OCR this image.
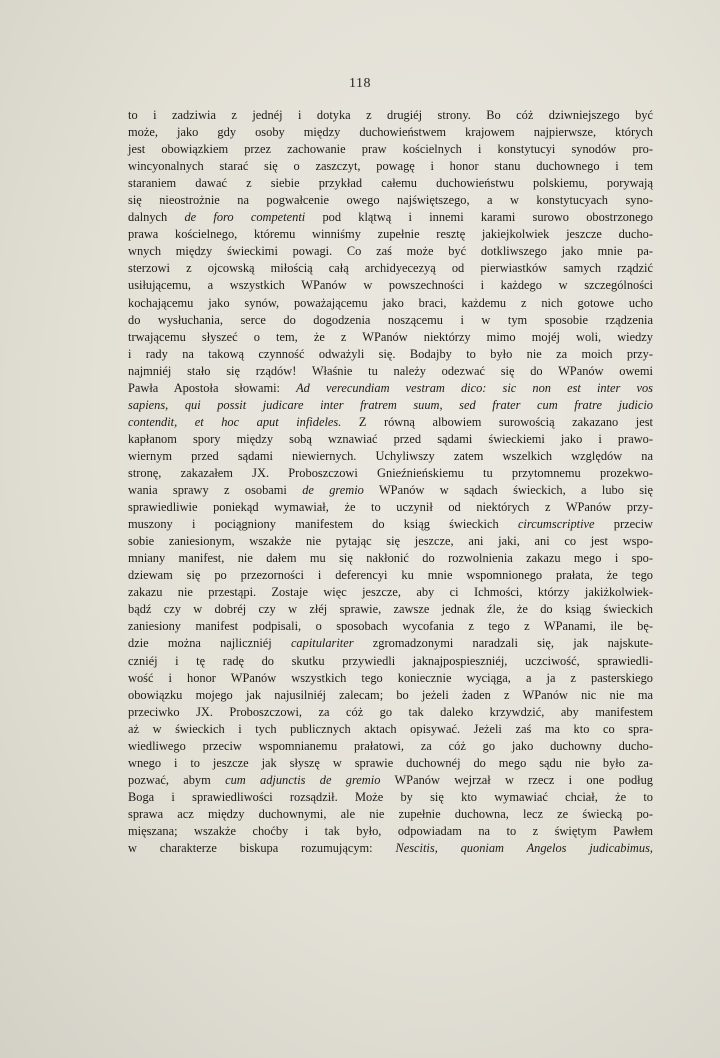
118
to i zadziwia z jednéj i dotyka z drugiéj strony. Bo cóż dziwniejszego być
może, jako gdy osoby między duchowieństwem krajowem najpierwsze, których
jest obowiązkiem przez zachowanie praw kościelnych i konstytucyi synodów pro-
wincyonalnych starać się o zaszczyt, powagę i honor stanu duchownego i tem
staraniem dawać z siebie przykład całemu duchowieństwu polskiemu, porywają
się nieostrożnie na pogwałcenie owego najświętszego, a w konstytucyach syno-
dalnych de foro competenti pod klątwą i innemi karami surowo obostrzonego
prawa kościelnego, któremu winniśmy zupełnie resztę jakiejkolwiek jeszcze ducho-
wnych między świeckimi powagi. Co zaś może być dotkliwszego jako mnie pa-
sterzowi z ojcowską miłością całą archidyecezyą od pierwiastków samych rządzić
usiłującemu, a wszystkich WPanów w powszechności i każdego w szczególności
kochającemu jako synów, poważającemu jako braci, każdemu z nich gotowe ucho
do wysłuchania, serce do dogodzenia noszącemu i w tym sposobie rządzenia
trwającemu słyszeć o tem, że z WPanów niektórzy mimo mojéj woli, wiedzy
i rady na takową czynność odważyli się. Bodajby to było nie za moich przy-
najmniéj stało się rządów! Właśnie tu należy odezwać się do WPanów owemi
Pawła Apostoła słowami: Ad verecundiam vestram dico: sic non est inter vos
sapiens, qui possit judicare inter fratrem suum, sed frater cum fratre judicio
contendit, et hoc aput infideles. Z równą albowiem surowością zakazano jest
kapłanom spory między sobą wznawiać przed sądami świeckiemi jako i prawo-
wiernym przed sądami niewiernych. Uchyliwszy zatem wszelkich względów na
stronę, zakazałem JX. Proboszczowi Gnieźnieńskiemu tu przytomnemu prozekwo-
wania sprawy z osobami de gremio WPanów w sądach świeckich, a lubo się
sprawiedliwie poniekąd wymawiał, że to uczynił od niektórych z WPanów przy-
muszony i pociągniony manifestem do ksiąg świeckich circumscriptive przeciw
sobie zaniesionym, wszakże nie pytając się jeszcze, ani jaki, ani co jest wspo-
mniany manifest, nie dałem mu się nakłonić do rozwolnienia zakazu mego i spo-
dziewam się po przezorności i deferencyi ku mnie wspomnionego prałata, że tego
zakazu nie przestąpi. Zostaje więc jeszcze, aby ci Ichmości, którzy jakiżkolwiek-
bądź czy w dobréj czy w złéj sprawie, zawsze jednak źle, że do ksiąg świeckich
zaniesiony manifest podpisali, o sposobach wycofania z tego z WPanami, ile bę-
dzie można najliczniéj capitulariter zgromadzonymi naradzali się, jak najskute-
czniéj i tę radę do skutku przywiedli jaknajpospieszniéj, uczciwość, sprawiedli-
wość i honor WPanów wszystkich tego koniecznie wyciąga, a ja z pasterskiego
obowiązku mojego jak najusilniéj zalecam; bo jeżeli żaden z WPanów nic nie ma
przeciwko JX. Proboszczowi, za cóż go tak daleko krzywdzić, aby manifestem
aż w świeckich i tych publicznych aktach opisywać. Jeżeli zaś ma kto co spra-
wiedliwego przeciw wspomnianemu prałatowi, za cóż go jako duchowny ducho-
wnego i to jeszcze jak słyszę w sprawie duchownéj do mego sądu nie było za-
pozwać, abym cum adjunctis de gremio WPanów wejrzał w rzecz i one podług
Boga i sprawiedliwości rozsądził. Może by się kto wymawiać chciał, że to
sprawa acz między duchownymi, ale nie zupełnie duchowna, lecz ze świecką po-
mięszana; wszakże choćby i tak było, odpowiadam na to z świętym Pawłem
w charakterze biskupa rozumującym: Nescitis, quoniam Angelos judicabimus,
